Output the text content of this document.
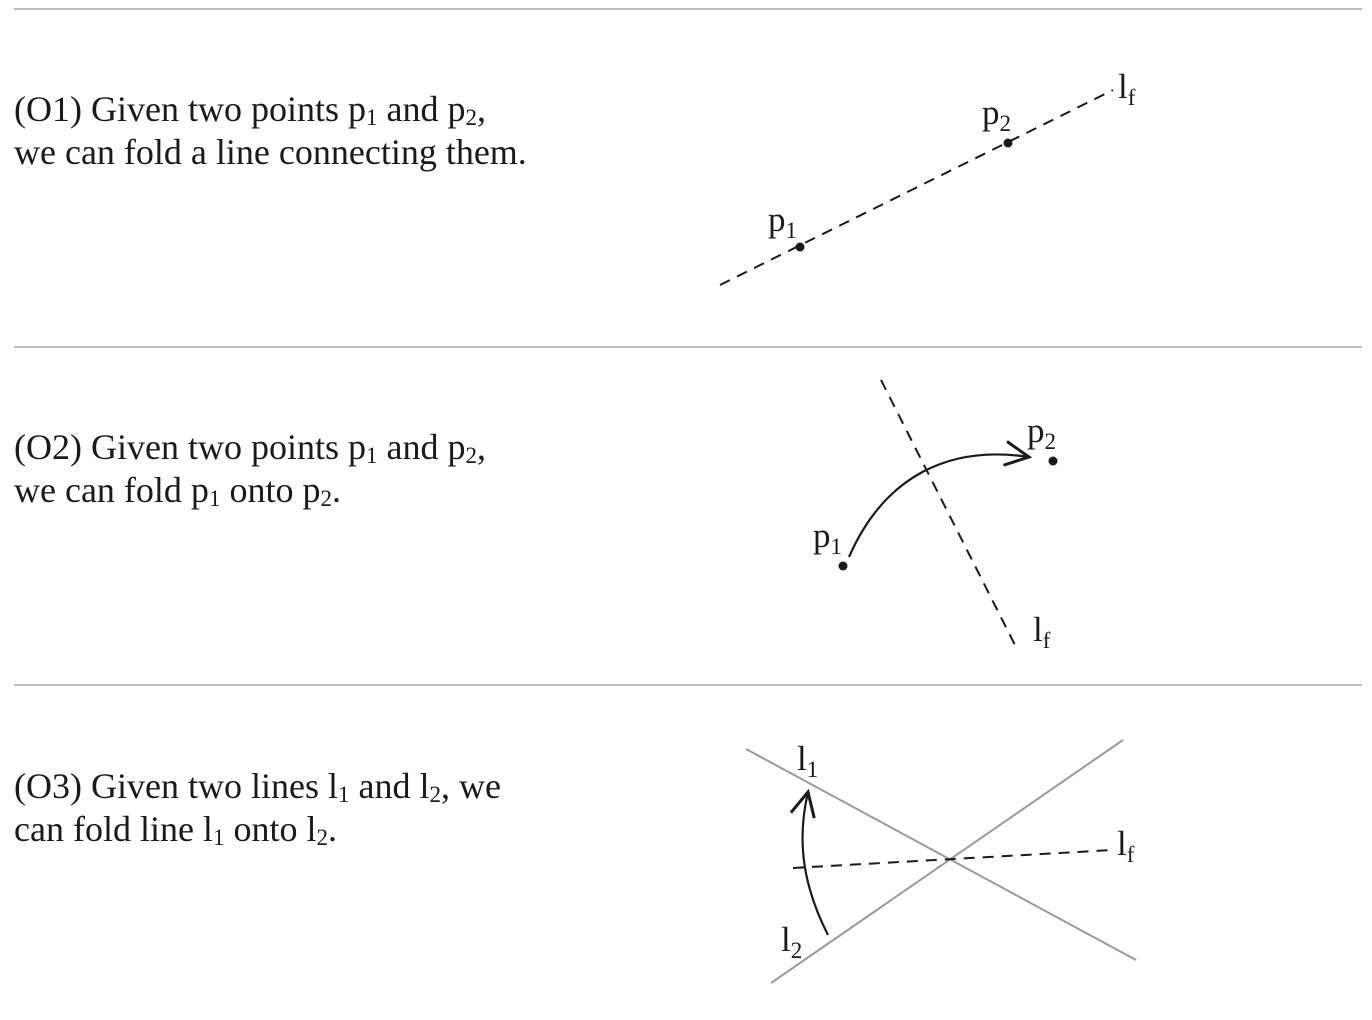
(O1) Given two points $p_1$ and $p_2$,
we can fold a line connecting them.

(O2) Given two points $p_1$ and $p_2$,
we can fold $p_1$ onto $p_2$.

(O3) Given two lines $l_1$ and $l_2$, we
can fold line $l_1$ onto $l_2$.

$p_1$
$p_2$
$l_f$
$p_1$
$p_2$
$l_f$
$l_1$
$l_2$
$l_f$
